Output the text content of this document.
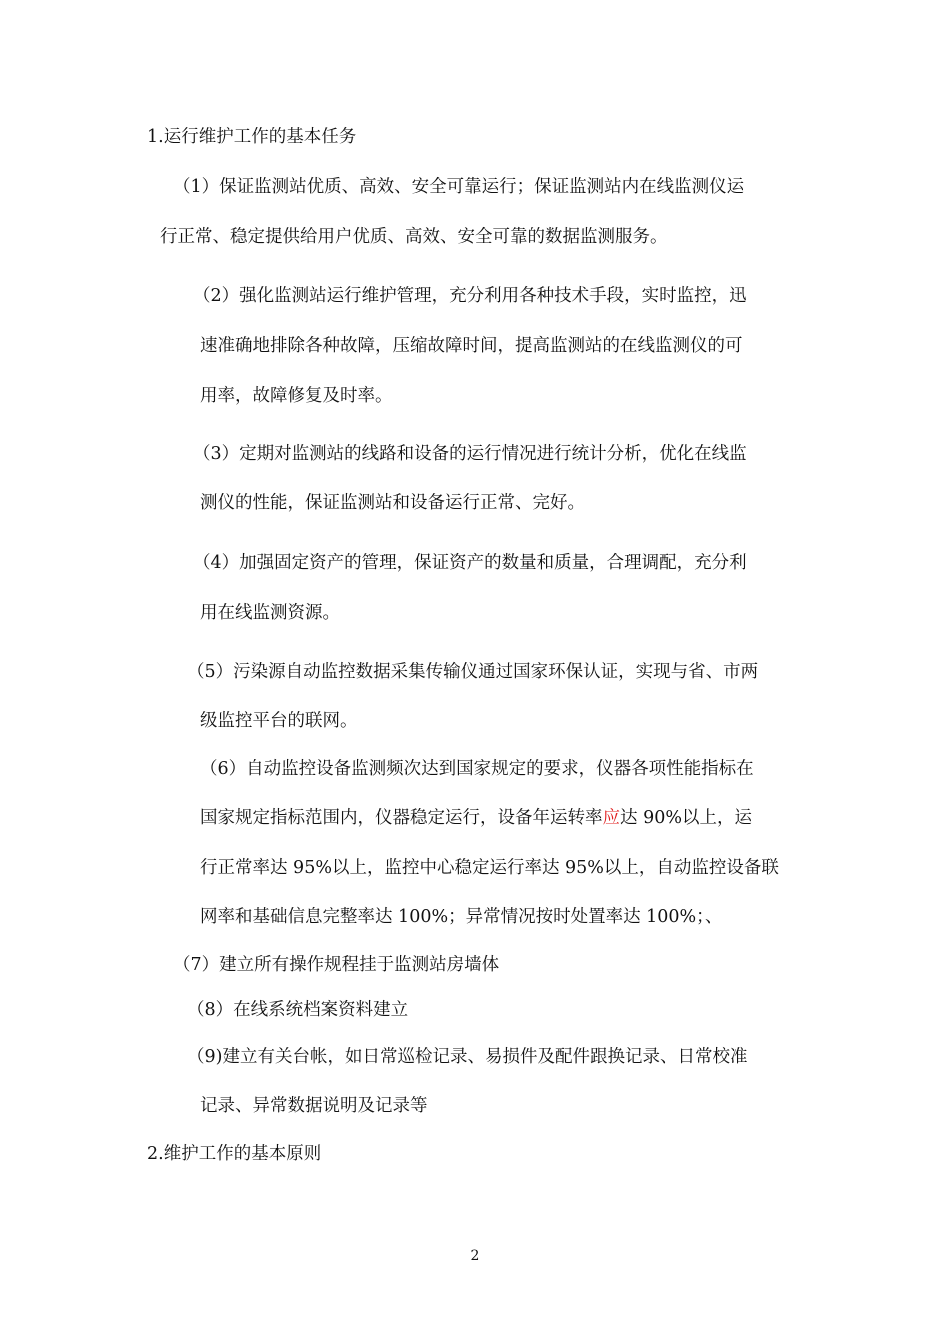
1.运行维护工作的基本任务
（1）保证监测站优质、高效、安全可靠运行；保证监测站内在线监测仪运
行正常、稳定提供给用户优质、高效、安全可靠的数据监测服务。
（2）强化监测站运行维护管理，充分利用各种技术手段，实时监控，迅
速准确地排除各种故障，压缩故障时间，提高监测站的在线监测仪的可
用率，故障修复及时率。
（3）定期对监测站的线路和设备的运行情况进行统计分析，优化在线监
测仪的性能，保证监测站和设备运行正常、完好。
（4）加强固定资产的管理，保证资产的数量和质量，合理调配，充分利
用在线监测资源。
（5）污染源自动监控数据采集传输仪通过国家环保认证，实现与省、市两
级监控平台的联网。
（6）自动监控设备监测频次达到国家规定的要求，仪器各项性能指标在
国家规定指标范围内，仪器稳定运行，设备年运转率应达 90%以上，运
行正常率达 95%以上，监控中心稳定运行率达 95%以上，自动监控设备联
网率和基础信息完整率达 100%；异常情况按时处置率达 100%；、
（7）建立所有操作规程挂于监测站房墙体
（8）在线系统档案资料建立
（9)建立有关台帐，如日常巡检记录、易损件及配件跟换记录、日常校准
记录、异常数据说明及记录等
2.维护工作的基本原则
2
